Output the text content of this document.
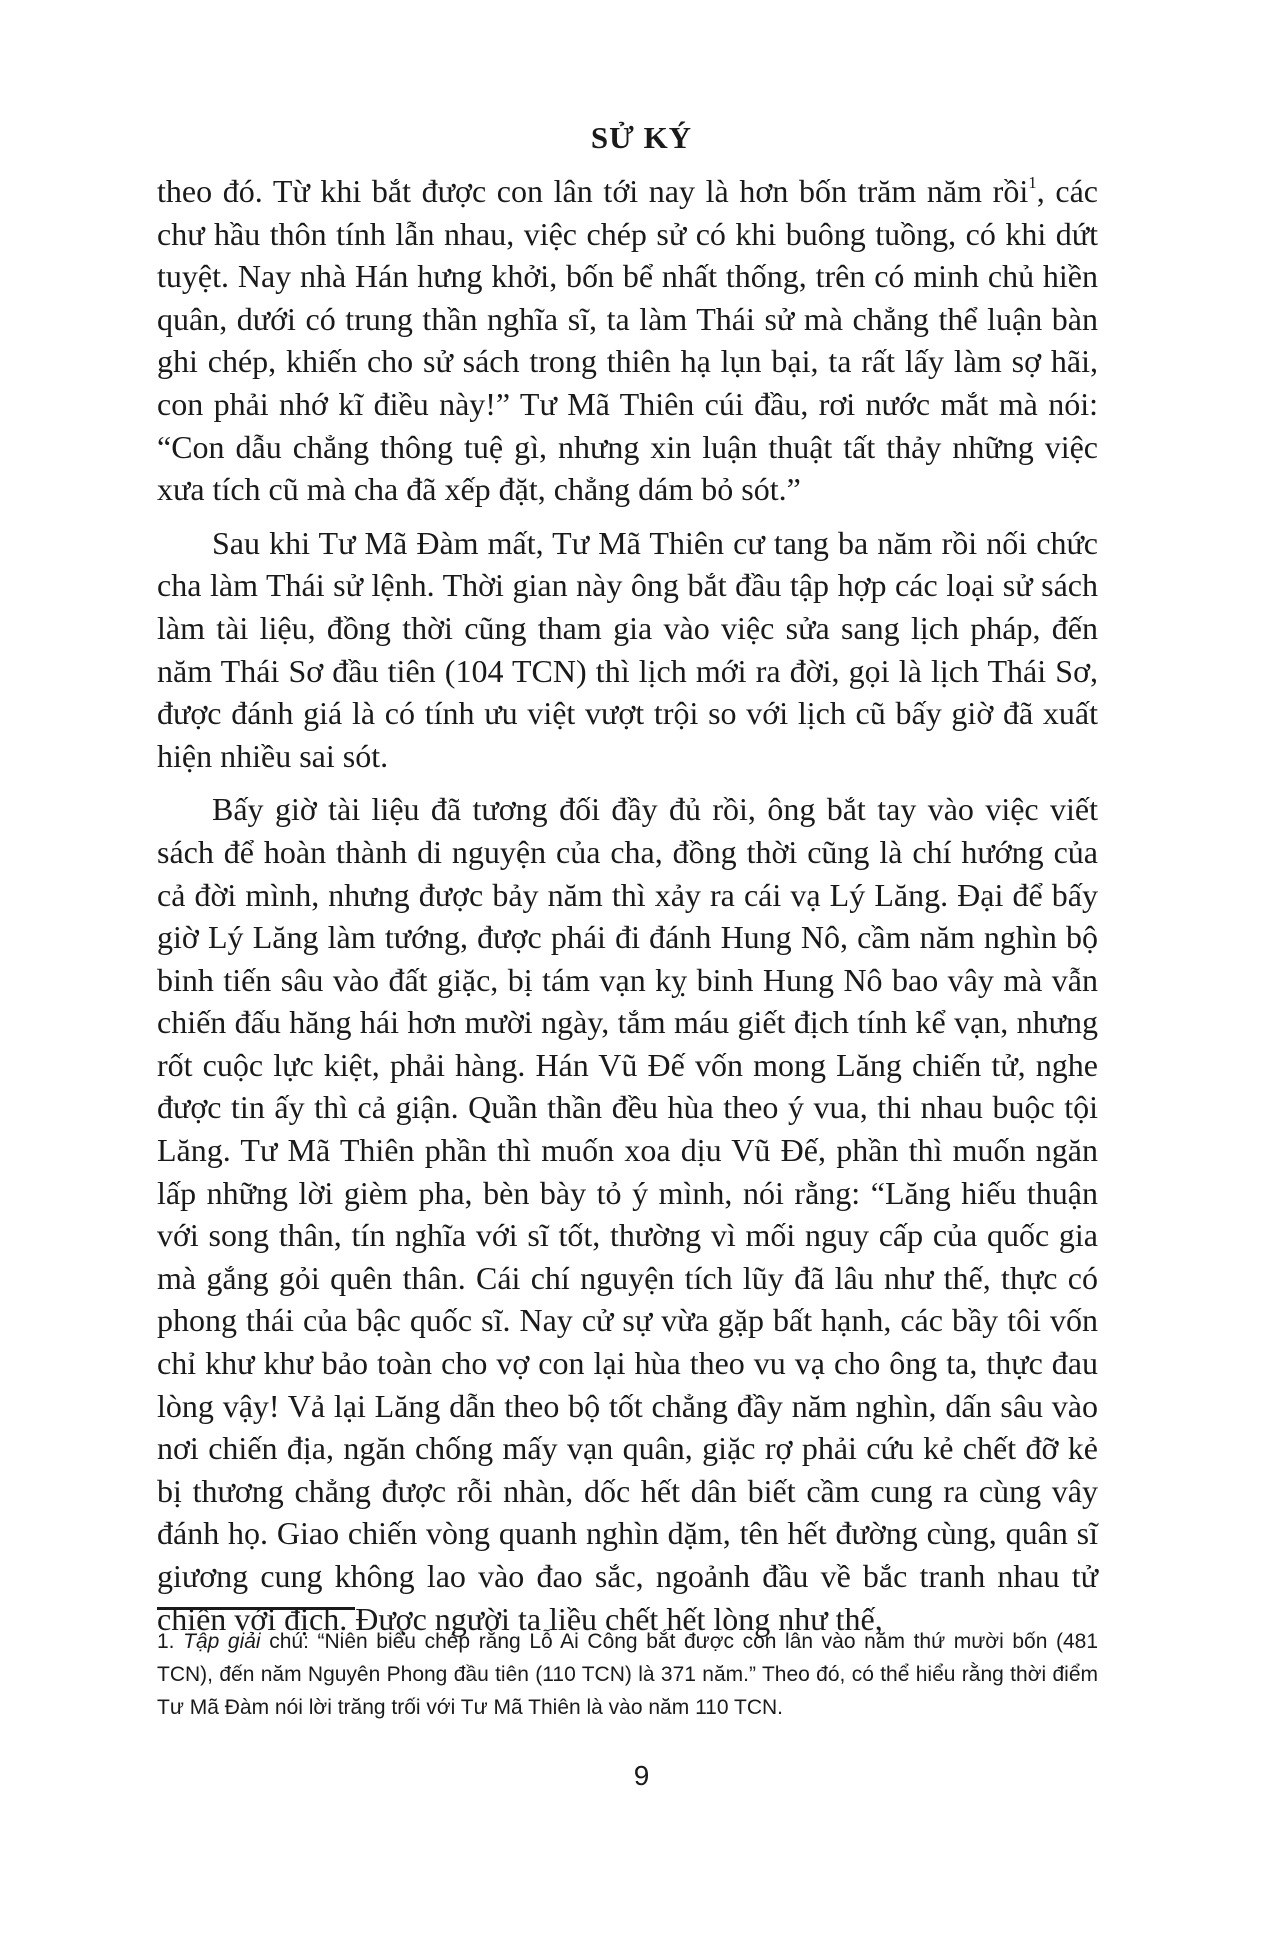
SỬ KÝ

theo đó. Từ khi bắt được con lân tới nay là hơn bốn trăm năm rồi$^1$, các chư hầu thôn tính lẫn nhau, việc chép sử có khi buông tuồng, có khi dứt tuyệt. Nay nhà Hán hưng khởi, bốn bể nhất thống, trên có minh chủ hiền quân, dưới có trung thần nghĩa sĩ, ta làm Thái sử mà chẳng thể luận bàn ghi chép, khiến cho sử sách trong thiên hạ lụn bại, ta rất lấy làm sợ hãi, con phải nhớ kĩ điều này!” Tư Mã Thiên cúi đầu, rơi nước mắt mà nói: “Con dẫu chẳng thông tuệ gì, nhưng xin luận thuật tất thảy những việc xưa tích cũ mà cha đã xếp đặt, chẳng dám bỏ sót.”

Sau khi Tư Mã Đàm mất, Tư Mã Thiên cư tang ba năm rồi nối chức cha làm Thái sử lệnh. Thời gian này ông bắt đầu tập hợp các loại sử sách làm tài liệu, đồng thời cũng tham gia vào việc sửa sang lịch pháp, đến năm Thái Sơ đầu tiên (104 TCN) thì lịch mới ra đời, gọi là lịch Thái Sơ, được đánh giá là có tính ưu việt vượt trội so với lịch cũ bấy giờ đã xuất hiện nhiều sai sót.

Bấy giờ tài liệu đã tương đối đầy đủ rồi, ông bắt tay vào việc viết sách để hoàn thành di nguyện của cha, đồng thời cũng là chí hướng của cả đời mình, nhưng được bảy năm thì xảy ra cái vạ Lý Lăng. Đại để bấy giờ Lý Lăng làm tướng, được phái đi đánh Hung Nô, cầm năm nghìn bộ binh tiến sâu vào đất giặc, bị tám vạn kỵ binh Hung Nô bao vây mà vẫn chiến đấu hăng hái hơn mười ngày, tắm máu giết địch tính kể vạn, nhưng rốt cuộc lực kiệt, phải hàng. Hán Vũ Đế vốn mong Lăng chiến tử, nghe được tin ấy thì cả giận. Quần thần đều hùa theo ý vua, thi nhau buộc tội Lăng. Tư Mã Thiên phần thì muốn xoa dịu Vũ Đế, phần thì muốn ngăn lấp những lời gièm pha, bèn bày tỏ ý mình, nói rằng: “Lăng hiếu thuận với song thân, tín nghĩa với sĩ tốt, thường vì mối nguy cấp của quốc gia mà gắng gỏi quên thân. Cái chí nguyện tích lũy đã lâu như thế, thực có phong thái của bậc quốc sĩ. Nay cử sự vừa gặp bất hạnh, các bầy tôi vốn chỉ khư khư bảo toàn cho vợ con lại hùa theo vu vạ cho ông ta, thực đau lòng vậy! Vả lại Lăng dẫn theo bộ tốt chẳng đầy năm nghìn, dấn sâu vào nơi chiến địa, ngăn chống mấy vạn quân, giặc rợ phải cứu kẻ chết đỡ kẻ bị thương chẳng được rỗi nhàn, dốc hết dân biết cầm cung ra cùng vây đánh họ. Giao chiến vòng quanh nghìn dặm, tên hết đường cùng, quân sĩ giương cung không lao vào đao sắc, ngoảnh đầu về bắc tranh nhau tử chiến với địch. Được người ta liều chết hết lòng như thế,

1. Tập giải chú: “Niên biểu chép rằng Lỗ Ai Công bắt được con lân vào năm thứ mười bốn (481 TCN), đến năm Nguyên Phong đầu tiên (110 TCN) là 371 năm.” Theo đó, có thể hiểu rằng thời điểm Tư Mã Đàm nói lời trăng trối với Tư Mã Thiên là vào năm 110 TCN.

9
